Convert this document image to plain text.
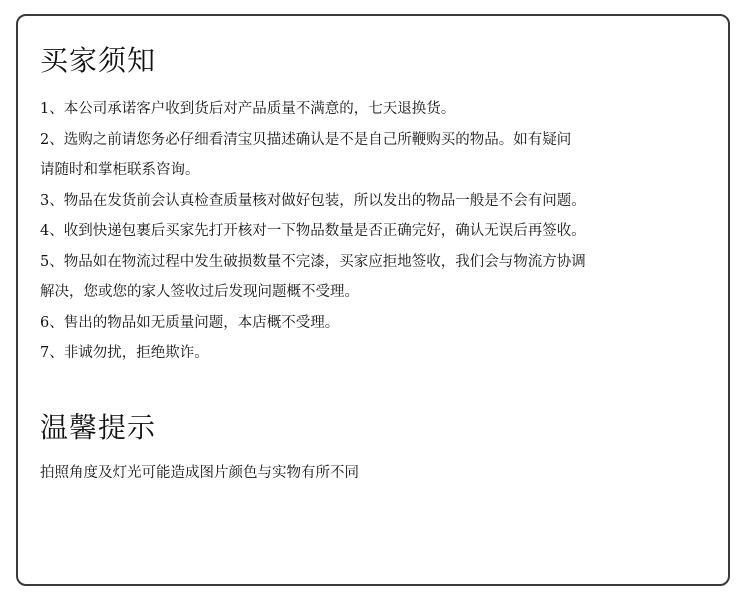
买家须知
1、本公司承诺客户收到货后对产品质量不满意的，七天退换货。
2、选购之前请您务必仔细看清宝贝描述确认是不是自己所鞭购买的物品。如有疑问
请随时和掌柜联系咨询。
3、物品在发货前会认真检查质量核对做好包装，所以发出的物品一般是不会有问题。
4、收到快递包裹后买家先打开核对一下物品数量是否正确完好，确认无误后再签收。
5、物品如在物流过程中发生破损数量不完漆，买家应拒地签收，我们会与物流方协调
解决，您或您的家人签收过后发现问题概不受理。
6、售出的物品如无质量问题，本店概不受理。
7、非诚勿扰，拒绝欺诈。
温馨提示

拍照角度及灯光可能造成图片颜色与实物有所不同
